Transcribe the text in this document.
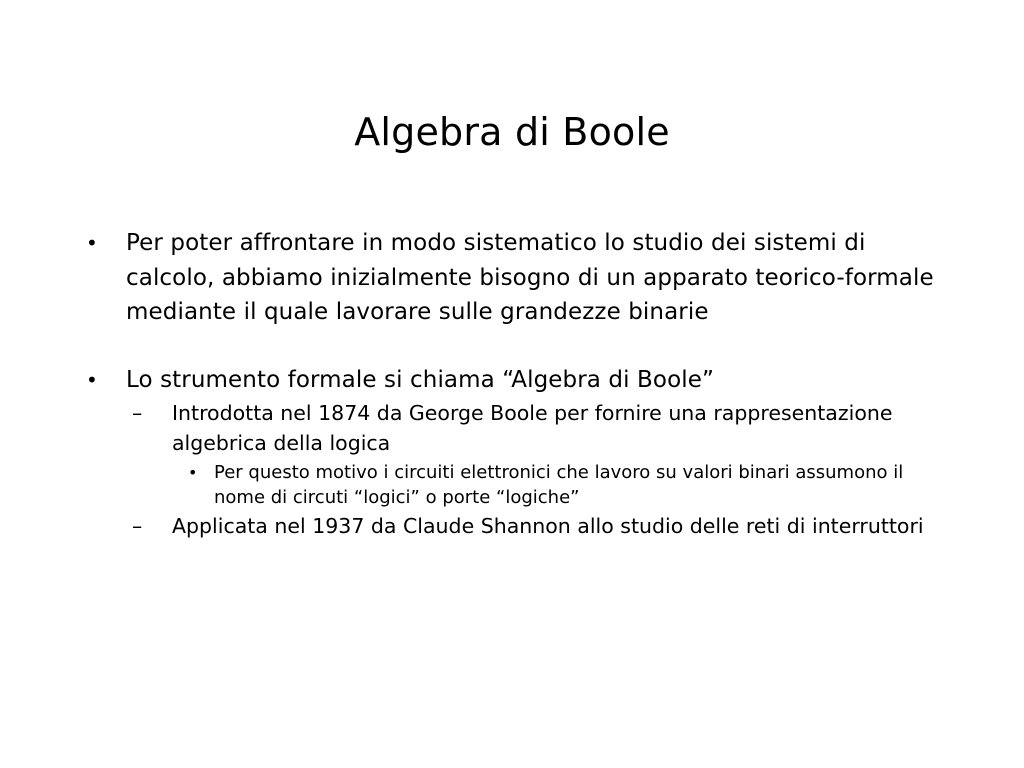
Algebra di Boole
•	Per poter affrontare in modo sistematico lo studio dei sistemi di calcolo, abbiamo inizialmente bisogno di un apparato teorico-formale mediante il quale lavorare sulle grandezze binarie
•	Lo strumento formale si chiama “Algebra di Boole”
– Introdotta nel 1874 da George Boole per fornire una rappresentazione algebrica della logica
• Per questo motivo i circuiti elettronici che lavoro su valori binari assumono il nome di circuti “logici” o porte “logiche”
– Applicata nel 1937 da Claude Shannon allo studio delle reti di interruttori
